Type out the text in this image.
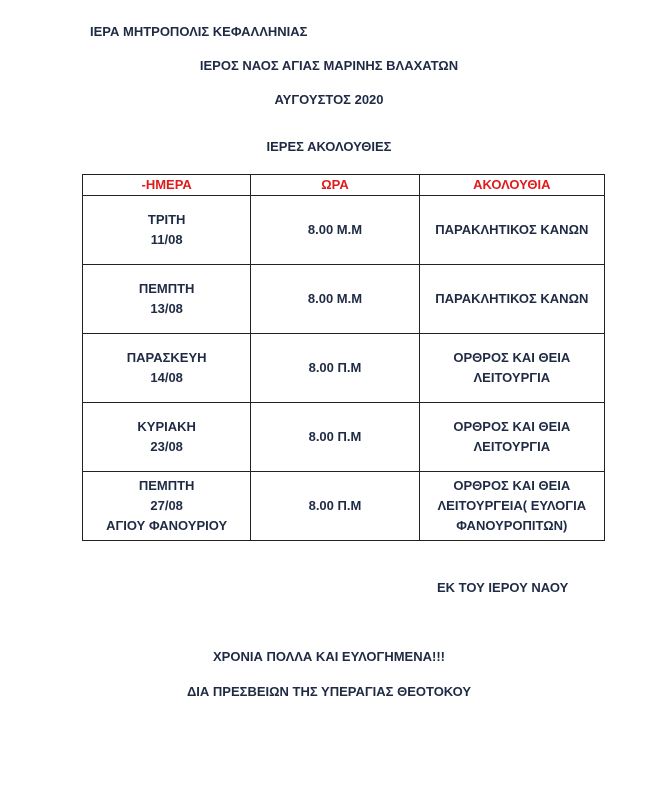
ΙΕΡΑ ΜΗΤΡΟΠΟΛΙΣ ΚΕΦΑΛΛΗΝΙΑΣ
ΙΕΡΟΣ ΝΑΟΣ ΑΓΙΑΣ ΜΑΡΙΝΗΣ ΒΛΑΧΑΤΩΝ
ΑΥΓΟΥΣΤΟΣ 2020
ΙΕΡΕΣ ΑΚΟΛΟΥΘΙΕΣ
-ΗΜΕΡΑ	ΩΡΑ	ΑΚΟΛΟΥΘΙΑ

ΤΡΙΤΗ
11/08	8.00 Μ.Μ	ΠΑΡΑΚΛΗΤΙΚΟΣ ΚΑΝΩΝ

ΠΕΜΠΤΗ
13/08	8.00 Μ.Μ	ΠΑΡΑΚΛΗΤΙΚΟΣ ΚΑΝΩΝ

ΠΑΡΑΣΚΕΥΗ
14/08	8.00 Π.Μ	ΟΡΘΡΟΣ ΚΑΙ ΘΕΙΑ
ΛΕΙΤΟΥΡΓΙΑ

ΚΥΡΙΑΚΗ
23/08	8.00 Π.Μ	ΟΡΘΡΟΣ ΚΑΙ ΘΕΙΑ
ΛΕΙΤΟΥΡΓΙΑ

ΠΕΜΠΤΗ
27/08
ΑΓΙΟΥ ΦΑΝΟΥΡΙΟΥ	8.00 Π.Μ	ΟΡΘΡΟΣ ΚΑΙ ΘΕΙΑ
ΛΕΙΤΟΥΡΓΕΙΑ( ΕΥΛΟΓΙΑ
ΦΑΝΟΥΡΟΠΙΤΩΝ)
ΕΚ ΤΟΥ ΙΕΡΟΥ ΝΑΟΥ
ΧΡΟΝΙΑ ΠΟΛΛΑ ΚΑΙ ΕΥΛΟΓΗΜΕΝΑ!!!
ΔΙΑ ΠΡΕΣΒΕΙΩΝ ΤΗΣ ΥΠΕΡΑΓΙΑΣ ΘΕΟΤΟΚΟΥ
